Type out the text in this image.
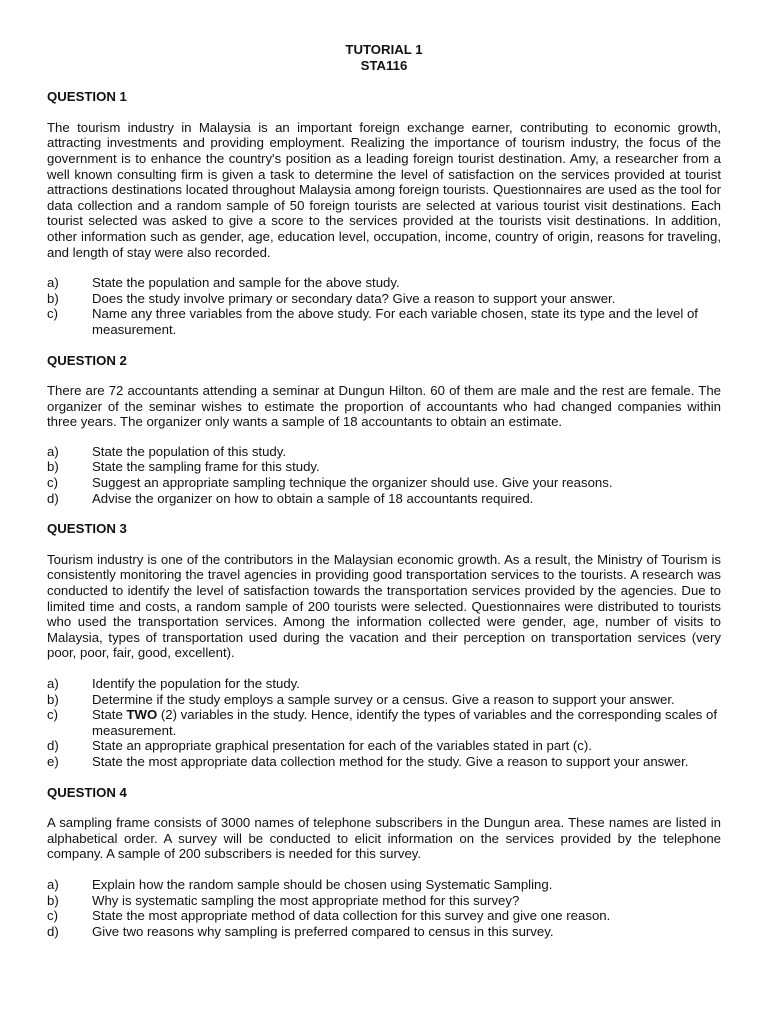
TUTORIAL 1

STA116

QUESTION 1

The tourism industry in Malaysia is an important foreign exchange earner, contributing to economic growth, attracting investments and providing employment. Realizing the importance of tourism industry, the focus of the government is to enhance the country's position as a leading foreign tourist destination. Amy, a researcher from a well known consulting firm is given a task to determine the level of satisfaction on the services provided at tourist attractions destinations located throughout Malaysia among foreign tourists. Questionnaires are used as the tool for data collection and a random sample of 50 foreign tourists are selected at various tourist visit destinations. Each tourist selected was asked to give a score to the services provided at the tourists visit destinations. In addition, other information such as gender, age, education level, occupation, income, country of origin, reasons for traveling, and length of stay were also recorded.

a)	State the population and sample for the above study.
b)	Does the study involve primary or secondary data? Give a reason to support your answer.
c)	Name any three variables from the above study. For each variable chosen, state its type and the level of measurement.

QUESTION 2

There are 72 accountants attending a seminar at Dungun Hilton. 60 of them are male and the rest are female. The organizer of the seminar wishes to estimate the proportion of accountants who had changed companies within three years. The organizer only wants a sample of 18 accountants to obtain an estimate.

a)	State the population of this study.
b)	State the sampling frame for this study.
c)	Suggest an appropriate sampling technique the organizer should use. Give your reasons.
d)	Advise the organizer on how to obtain a sample of 18 accountants required.

QUESTION 3

Tourism industry is one of the contributors in the Malaysian economic growth. As a result, the Ministry of Tourism is consistently monitoring the travel agencies in providing good transportation services to the tourists. A research was conducted to identify the level of satisfaction towards the transportation services provided by the agencies. Due to limited time and costs, a random sample of 200 tourists were selected. Questionnaires were distributed to tourists who used the transportation services. Among the information collected were gender, age, number of visits to Malaysia, types of transportation used during the vacation and their perception on transportation services (very poor, poor, fair, good, excellent).

a)	Identify the population for the study.
b)	Determine if the study employs a sample survey or a census. Give a reason to support your answer.
c)	State TWO (2) variables in the study. Hence, identify the types of variables and the corresponding scales of measurement.
d)	State an appropriate graphical presentation for each of the variables stated in part (c).
e)	State the most appropriate data collection method for the study. Give a reason to support your answer.

QUESTION 4

A sampling frame consists of 3000 names of telephone subscribers in the Dungun area. These names are listed in alphabetical order. A survey will be conducted to elicit information on the services provided by the telephone company. A sample of 200 subscribers is needed for this survey.

a)	Explain how the random sample should be chosen using Systematic Sampling.
b)	Why is systematic sampling the most appropriate method for this survey?
c)	State the most appropriate method of data collection for this survey and give one reason.
d)	Give two reasons why sampling is preferred compared to census in this survey.
